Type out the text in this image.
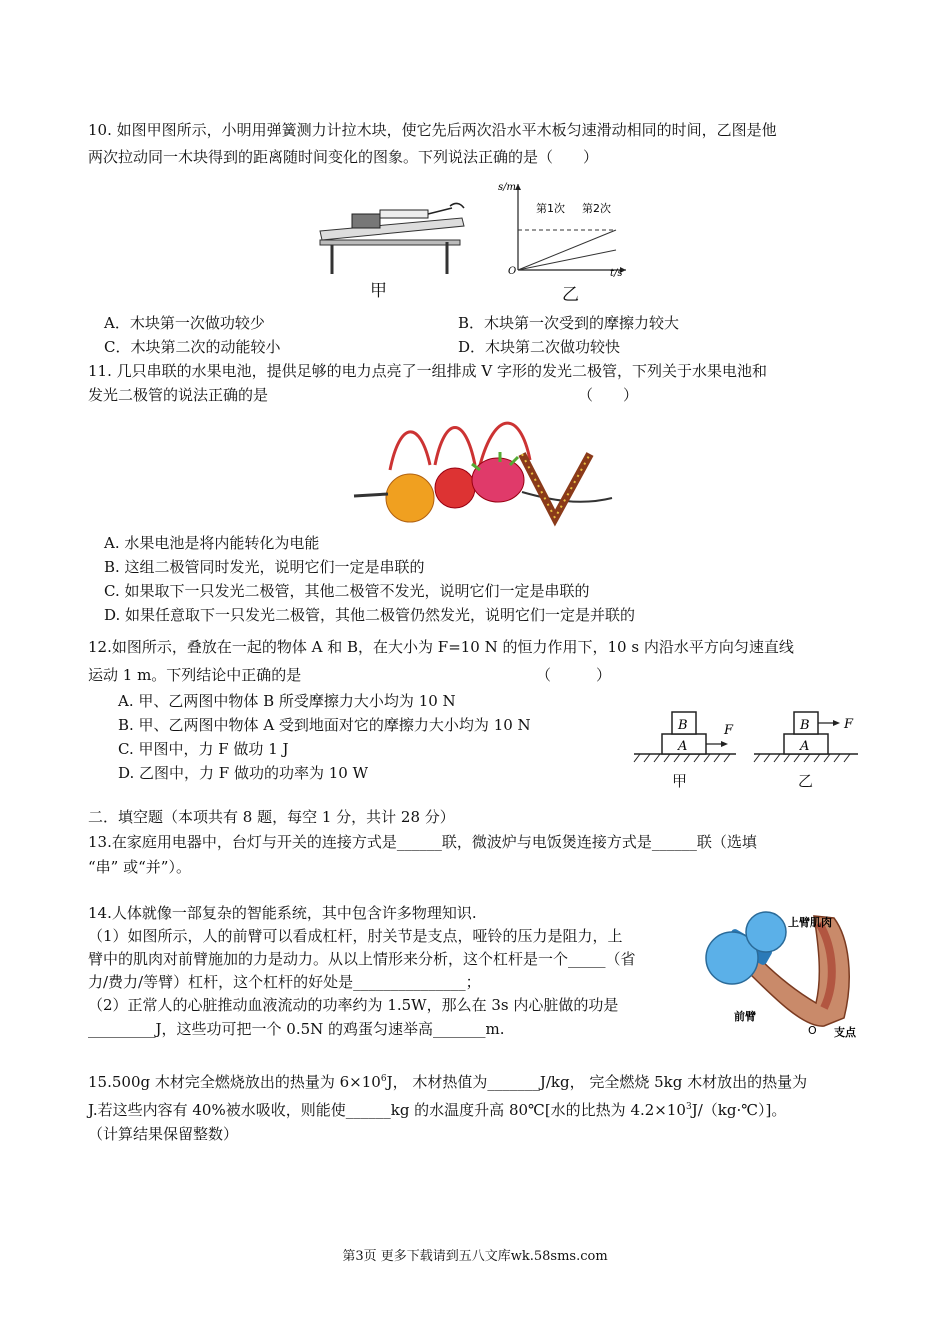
10. 如图甲图所示，小明用弹簧测力计拉木块，使它先后两次沿水平木板匀速滑动相同的时间，乙图是他
两次拉动同一木块得到的距离随时间变化的图象。下列说法正确的是（　　）
甲
s/m
t/s
O
第1次 第2次
乙
A．木块第一次做功较少	B．木块第一次受到的摩擦力较大
C．木块第二次的动能较小	D．木块第二次做功较快
11. 几只串联的水果电池，提供足够的电力点亮了一组排成 V 字形的发光二极管，下列关于水果电池和
发光二极管的说法正确的是	（　　）
A. 水果电池是将内能转化为电能
B. 这组二极管同时发光，说明它们一定是串联的
C. 如果取下一只发光二极管，其他二极管不发光，说明它们一定是串联的
D. 如果任意取下一只发光二极管，其他二极管仍然发光，说明它们一定是并联的
12.如图所示，叠放在一起的物体 A 和 B，在大小为 F=10 N 的恒力作用下，10 s 内沿水平方向匀速直线
运动 1 m。下列结论中正确的是	（　　　）
A. 甲、乙两图中物体 B 所受摩擦力大小均为 10 N
B. 甲、乙两图中物体 A 受到地面对它的摩擦力大小均为 10 N
C. 甲图中，力 F 做功 1 J
D. 乙图中，力 F 做功的功率为 10 W
A
B	F
A
B	F
甲	乙
二．填空题（本项共有 8 题，每空 1 分，共计 28 分）
13.在家庭用电器中，台灯与开关的连接方式是______联，微波炉与电饭煲连接方式是______联（选填
“串” 或“并”）。
14.人体就像一部复杂的智能系统，其中包含许多物理知识.
（1）如图所示，人的前臂可以看成杠杆，肘关节是支点，哑铃的压力是阻力，上
臂中的肌肉对前臂施加的力是动力。从以上情形来分析，这个杠杆是一个_____（省
力/费力/等臂）杠杆，这个杠杆的好处是_______________；
（2）正常人的心脏推动血液流动的功率约为 1.5W，那么在 3s 内心脏做的功是
_________J，这些功可把一个 0.5N 的鸡蛋匀速举高_______m.
上臂肌肉
前臂
O 支点
15.500g 木材完全燃烧放出的热量为 $6\times 10^6J$， 木材热值为_______J/kg， 完全燃烧 5kg 木材放出的热量为
J.若这些内容有 40%被水吸收，则能使______kg 的水温度升高 80℃[水的比热为 $4.2\times 10^3J/(kg\cdot℃)$]。
（计算结果保留整数）
第3页 更多下载请到五八文库wk.58sms.com
